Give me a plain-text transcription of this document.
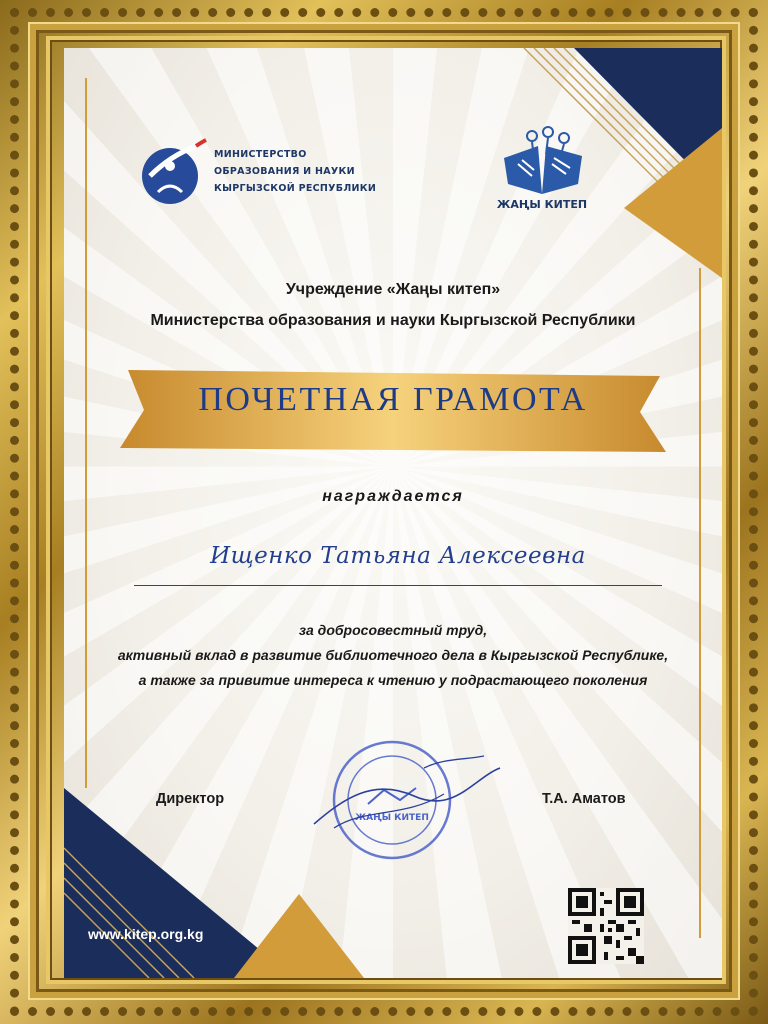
МИНИСТЕРСТВО
ОБРАЗОВАНИЯ И НАУКИ
КЫРГЫЗСКОЙ РЕСПУБЛИКИ
ЖАҢЫ КИТЕП
Учреждение «Жаңы китеп»
Министерства образования и науки Кыргызской Республики
ПОЧЕТНАЯ ГРАМОТА
награждается
Ищенко Татьяна Алексеевна
за добросовестный труд,
активный вклад в развитие библиотечного дела в Кыргызской Республике,
а также за привитие интереса к чтению у подрастающего поколения
Директор
ЖАҢЫ КИТЕП
Т.А. Аматов
www.kitep.org.kg
